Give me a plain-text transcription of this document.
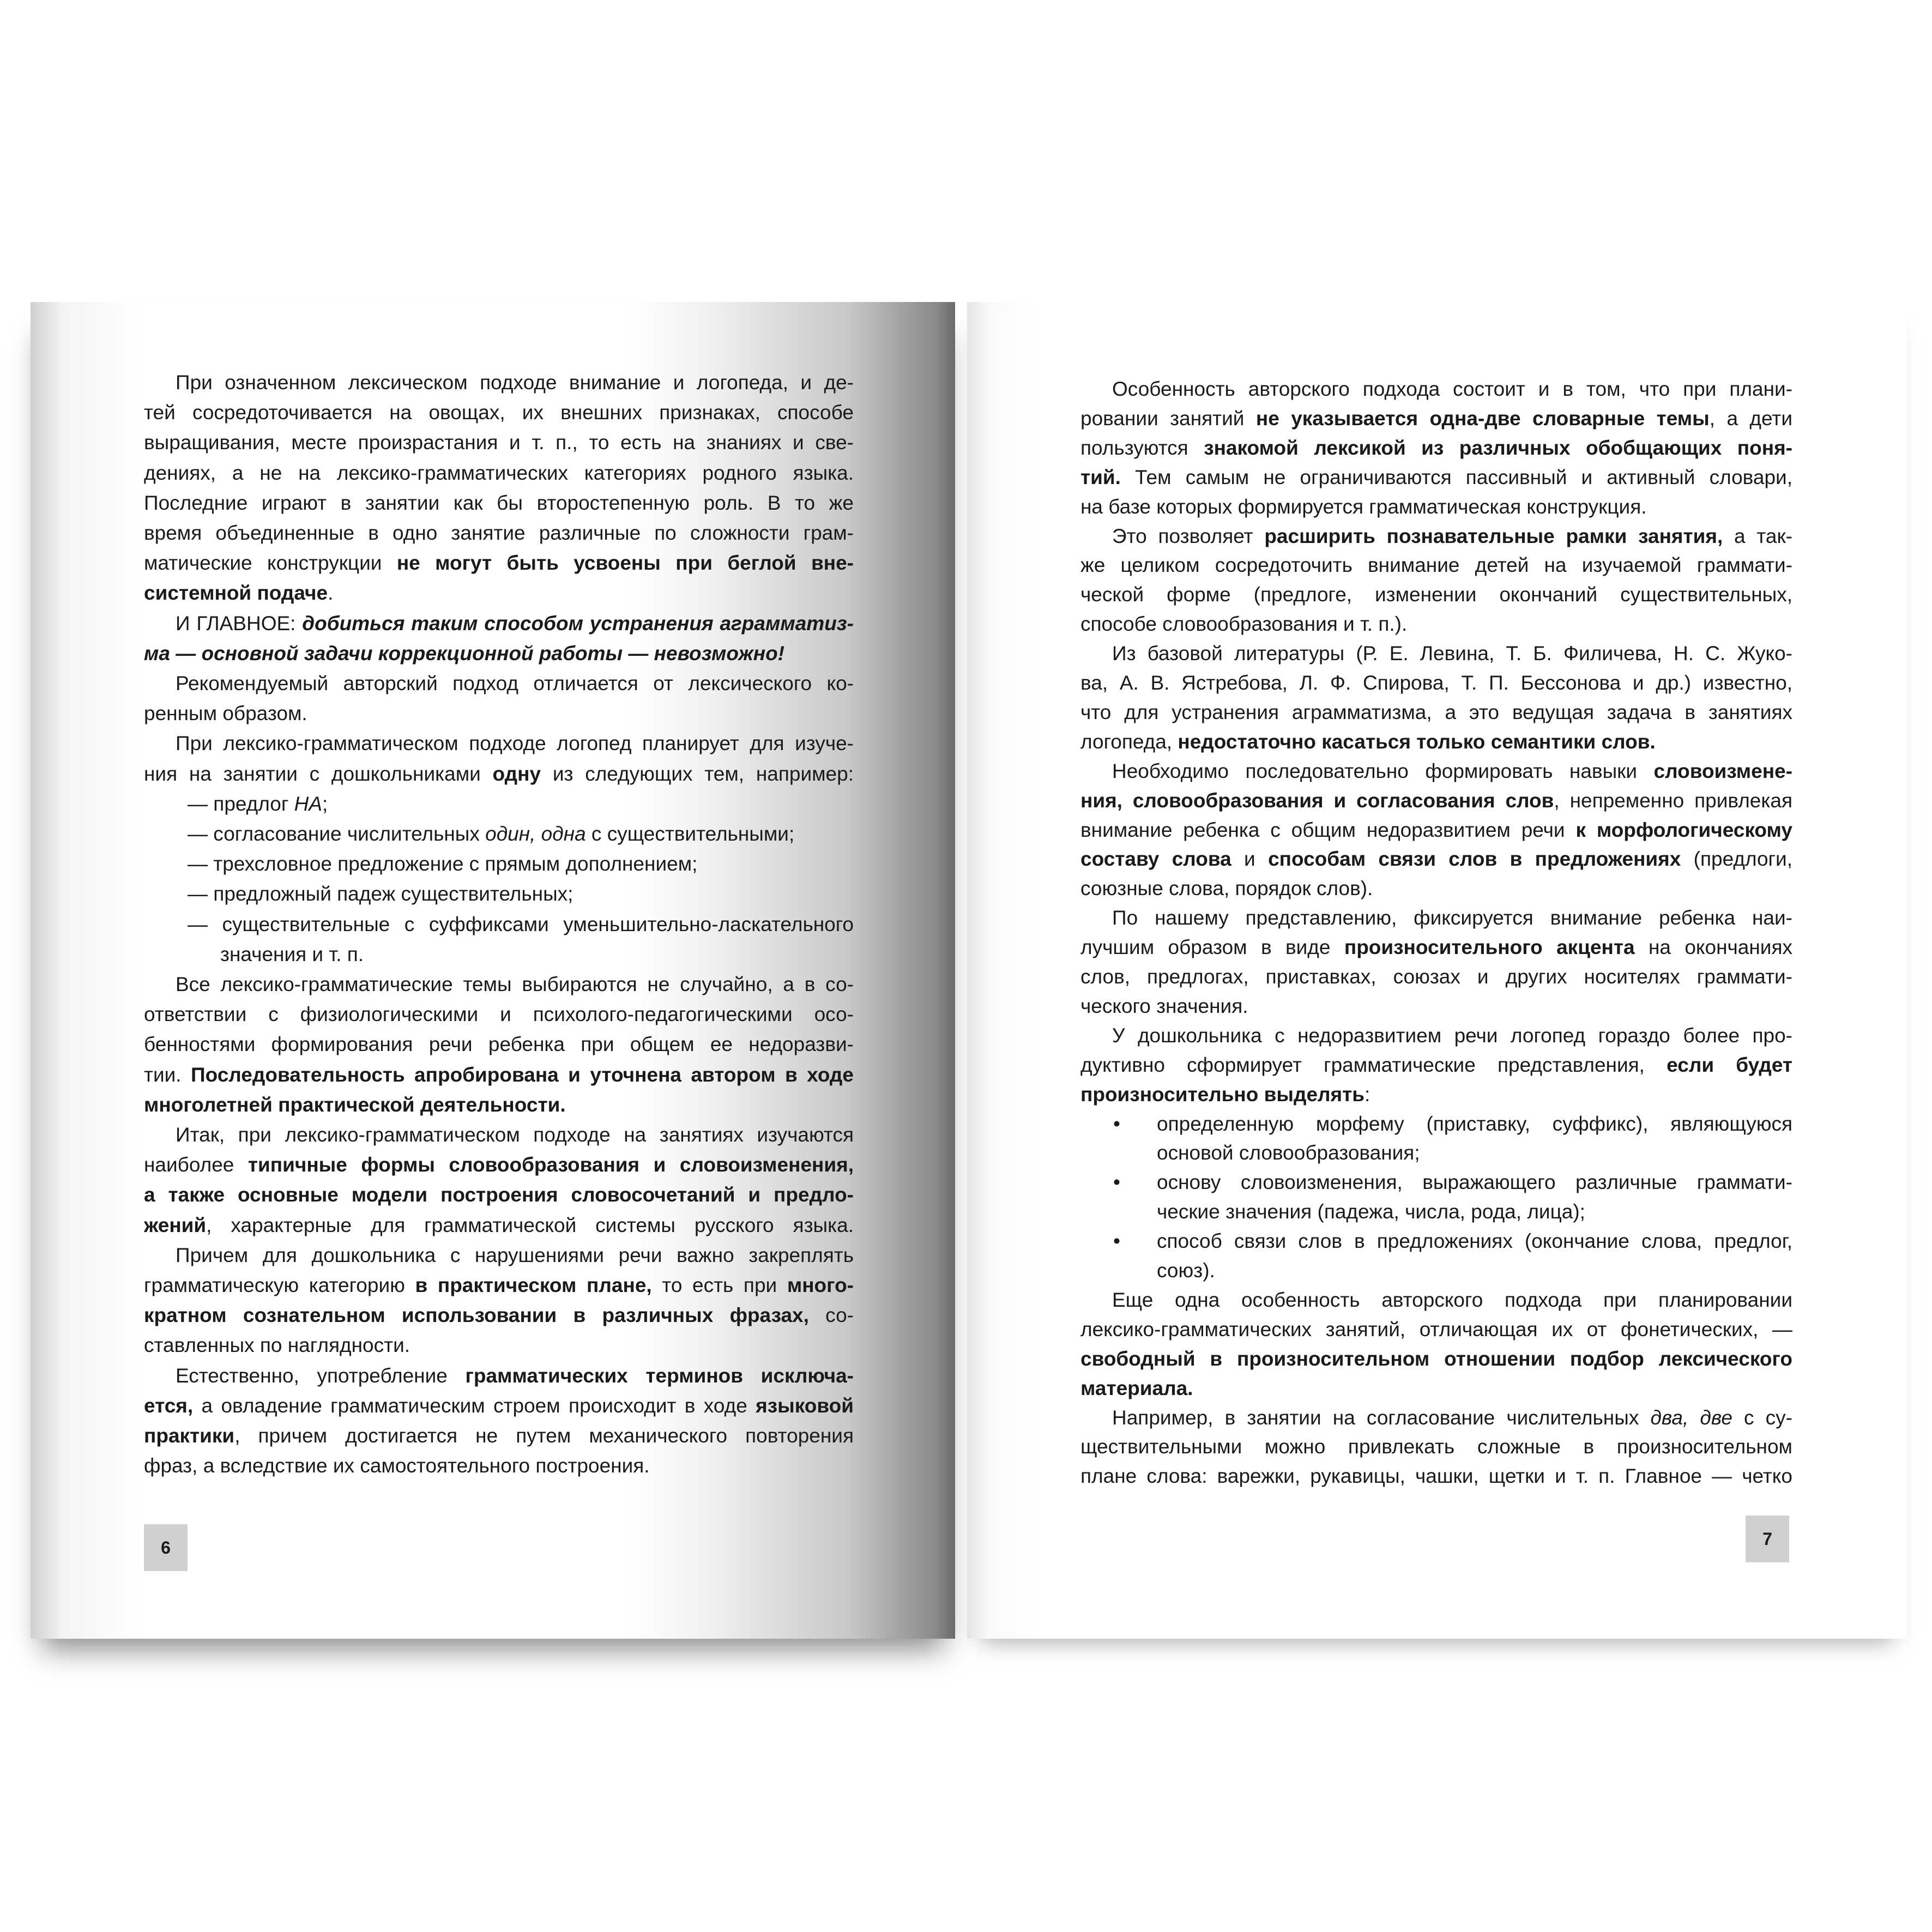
При означенном лексическом подходе внимание и логопеда, и де-
тей сосредоточивается на овощах, их внешних признаках, способе
выращивания, месте произрастания и т. п., то есть на знаниях и све-
дениях, а не на лексико-грамматических категориях родного языка.
Последние играют в занятии как бы второстепенную роль. В то же
время объединенные в одно занятие различные по сложности грам-
матические конструкции не могут быть усвоены при беглой вне-
системной подаче.
И ГЛАВНОЕ: добиться таким способом устранения аграмматиз-
ма — основной задачи коррекционной работы — невозможно!
Рекомендуемый авторский подход отличается от лексического ко-
ренным образом.
При лексико-грамматическом подходе логопед планирует для изуче-
ния на занятии с дошкольниками одну из следующих тем, например:
— предлог НА;
— согласование числительных один, одна с существительными;
— трехсловное предложение с прямым дополнением;
— предложный падеж существительных;
— существительные с суффиксами уменьшительно-ласкательного
значения и т. п.
Все лексико-грамматические темы выбираются не случайно, а в со-
ответствии с физиологическими и психолого-педагогическими осо-
бенностями формирования речи ребенка при общем ее недоразви-
тии. Последовательность апробирована и уточнена автором в ходе
многолетней практической деятельности.
Итак, при лексико-грамматическом подходе на занятиях изучаются
наиболее типичные формы словообразования и словоизменения,
а также основные модели построения словосочетаний и предло-
жений, характерные для грамматической системы русского языка.
Причем для дошкольника с нарушениями речи важно закреплять
грамматическую категорию в практическом плане, то есть при много-
кратном сознательном использовании в различных фразах, со-
ставленных по наглядности.
Естественно, употребление грамматических терминов исключа-
ется, а овладение грамматическим строем происходит в ходе языковой
практики, причем достигается не путем механического повторения
фраз, а вследствие их самостоятельного построения.
6
Особенность авторского подхода состоит и в том, что при плани-
ровании занятий не указывается одна-две словарные темы, а дети
пользуются знакомой лексикой из различных обобщающих поня-
тий. Тем самым не ограничиваются пассивный и активный словари,
на базе которых формируется грамматическая конструкция.
Это позволяет расширить познавательные рамки занятия, а так-
же целиком сосредоточить внимание детей на изучаемой граммати-
ческой форме (предлоге, изменении окончаний существительных,
способе словообразования и т. п.).
Из базовой литературы (Р. Е. Левина, Т. Б. Филичева, Н. С. Жуко-
ва, А. В. Ястребова, Л. Ф. Спирова, Т. П. Бессонова и др.) известно,
что для устранения аграмматизма, а это ведущая задача в занятиях
логопеда, недостаточно касаться только семантики слов.
Необходимо последовательно формировать навыки словоизмене-
ния, словообразования и согласования слов, непременно привлекая
внимание ребенка с общим недоразвитием речи к морфологическому
составу слова и способам связи слов в предложениях (предлоги,
союзные слова, порядок слов).
По нашему представлению, фиксируется внимание ребенка наи-
лучшим образом в виде произносительного акцента на окончаниях
слов, предлогах, приставках, союзах и других носителях граммати-
ческого значения.
У дошкольника с недоразвитием речи логопед гораздо более про-
дуктивно сформирует грамматические представления, если будет
произносительно выделять:
• определенную морфему (приставку, суффикс), являющуюся
основой словообразования;
• основу словоизменения, выражающего различные граммати-
ческие значения (падежа, числа, рода, лица);
• способ связи слов в предложениях (окончание слова, предлог,
союз).
Еще одна особенность авторского подхода при планировании
лексико-грамматических занятий, отличающая их от фонетических, —
свободный в произносительном отношении подбор лексического
материала.
Например, в занятии на согласование числительных два, две с су-
ществительными можно привлекать сложные в произносительном
плане слова: варежки, рукавицы, чашки, щетки и т. п. Главное — четко
7
